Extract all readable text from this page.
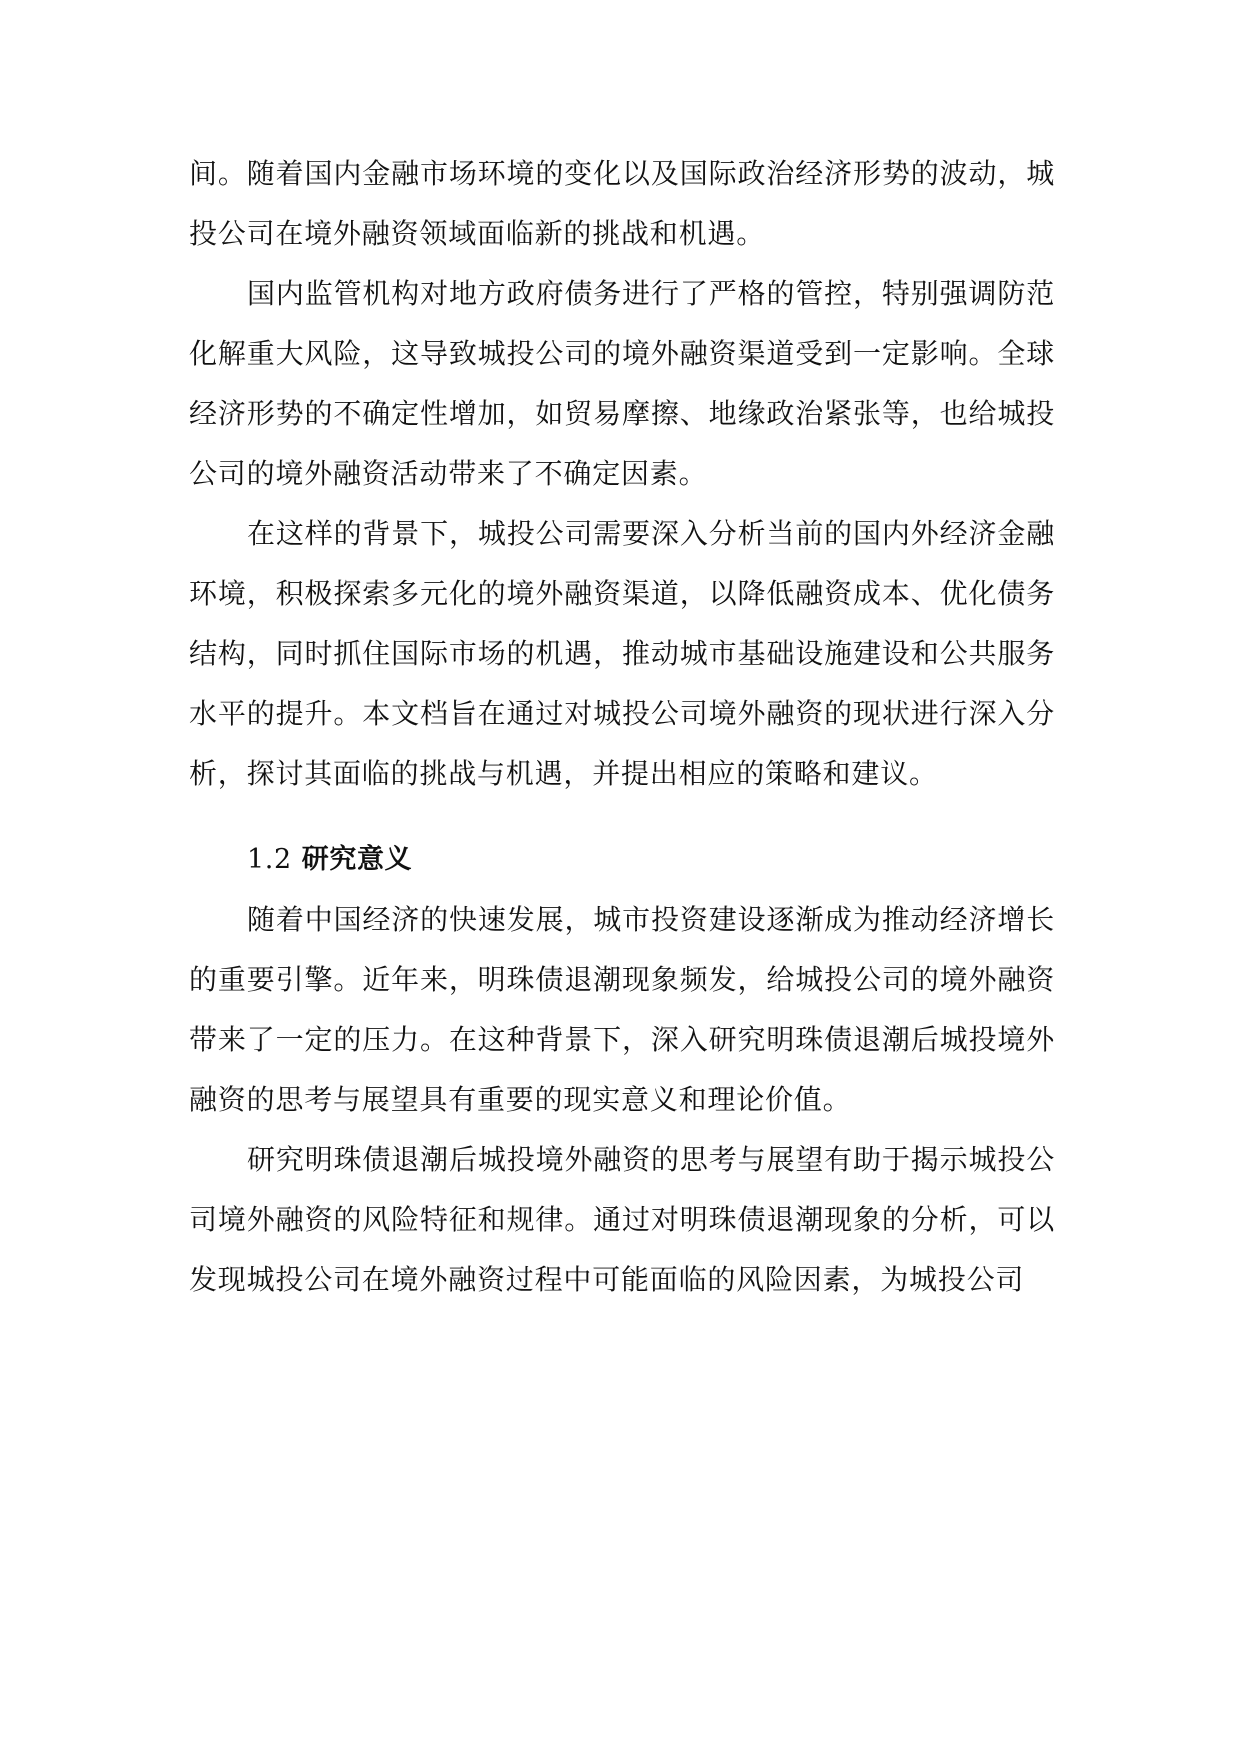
间。随着国内金融市场环境的变化以及国际政治经济形势的波动，城投公司在境外融资领域面临新的挑战和机遇。

国内监管机构对地方政府债务进行了严格的管控，特别强调防范化解重大风险，这导致城投公司的境外融资渠道受到一定影响。全球经济形势的不确定性增加，如贸易摩擦、地缘政治紧张等，也给城投公司的境外融资活动带来了不确定因素。

在这样的背景下，城投公司需要深入分析当前的国内外经济金融环境，积极探索多元化的境外融资渠道，以降低融资成本、优化债务结构，同时抓住国际市场的机遇，推动城市基础设施建设和公共服务水平的提升。本文档旨在通过对城投公司境外融资的现状进行深入分析，探讨其面临的挑战与机遇，并提出相应的策略和建议。

1.2 研究意义

随着中国经济的快速发展，城市投资建设逐渐成为推动经济增长的重要引擎。近年来，明珠债退潮现象频发，给城投公司的境外融资带来了一定的压力。在这种背景下，深入研究明珠债退潮后城投境外融资的思考与展望具有重要的现实意义和理论价值。

研究明珠债退潮后城投境外融资的思考与展望有助于揭示城投公司境外融资的风险特征和规律。通过对明珠债退潮现象的分析，可以发现城投公司在境外融资过程中可能面临的风险因素，为城投公司
